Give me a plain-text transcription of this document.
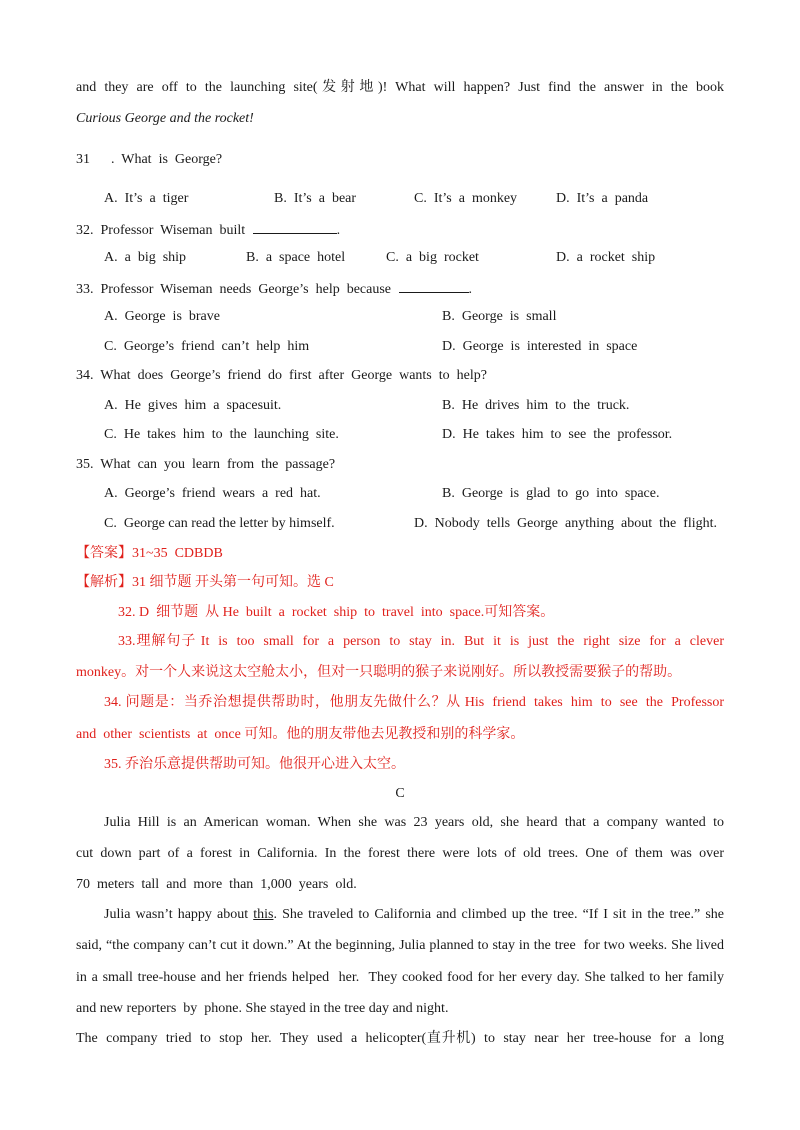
and they are off to the launching site(发射地)! What will happen? Just find the answer in the book
Curious George and the rocket!
31      .  What  is  George?
A.  It’s  a  tiger	B.  It’s  a  bear	C.  It’s  a  monkey	D.  It’s  a  panda
32.  Professor  Wiseman  built	.
A.  a  big  ship	B.  a  space  hotel	C.  a  big  rocket	D.  a  rocket  ship
33.  Professor  Wiseman  needs  George’s  help  because	.
A.  George  is  brave	B.  George  is  small
C.  George’s  friend  can’t  help  him	D.  George  is  interested  in  space
34.  What  does  George’s  friend  do  first  after  George  wants  to  help?
A.  He  gives  him  a  spacesuit.	B.  He  drives  him  to  the  truck.
C.  He  takes  him  to  the  launching  site.	D.  He  takes  him  to  see  the  professor.
35.  What  can  you  learn  from  the  passage?
A.  George’s  friend  wears  a  red  hat.	B.  George  is  glad  to  go  into  space.
C.  George can read the letter by himself.	D.  Nobody  tells  George  anything  about  the  flight.
【答案】31~35  CDBDB
【解析】31 细节题 开头第一句可知。选 C
32. D  细节题  从 He  built  a  rocket  ship  to  travel  into  space.可知答案。
33.理解句子 It  is  too  small  for  a  person  to  stay  in.  But  it  is  just  the  right  size  for  a  clever
monkey。对一个人来说这太空舱太小，但对一只聪明的猴子来说刚好。所以教授需要猴子的帮助。
34. 问题是：当乔治想提供帮助时，他朋友先做什么？从 His  friend  takes  him  to  see  the  Professor
and  other  scientists  at  once 可知。他的朋友带他去见教授和别的科学家。
35. 乔治乐意提供帮助可知。他很开心进入太空。
C
Julia  Hill  is  an  American  woman.  When  she  was  23  years  old,  she  heard  that  a  company  wanted  to
cut  down  part  of  a  forest  in  California.  In  the  forest  there  were  lots  of  old  trees.  One  of  them  was  over
70  meters  tall  and  more  than  1,000  years  old.
Julia wasn’t happy about this. She traveled to California and climbed up the tree. “If I sit in the tree.” she
said, “the company can’t cut it down.” At the beginning, Julia planned to stay in the tree  for two weeks. She lived
in a small tree-house and her friends helped  her.  They cooked food for her every day. She talked to her family
and new reporters  by  phone. She stayed in the tree day and night.
The  company  tried  to  stop  her.  They  used  a  helicopter(直升机)  to  stay  near  her  tree-house  for  a  long
